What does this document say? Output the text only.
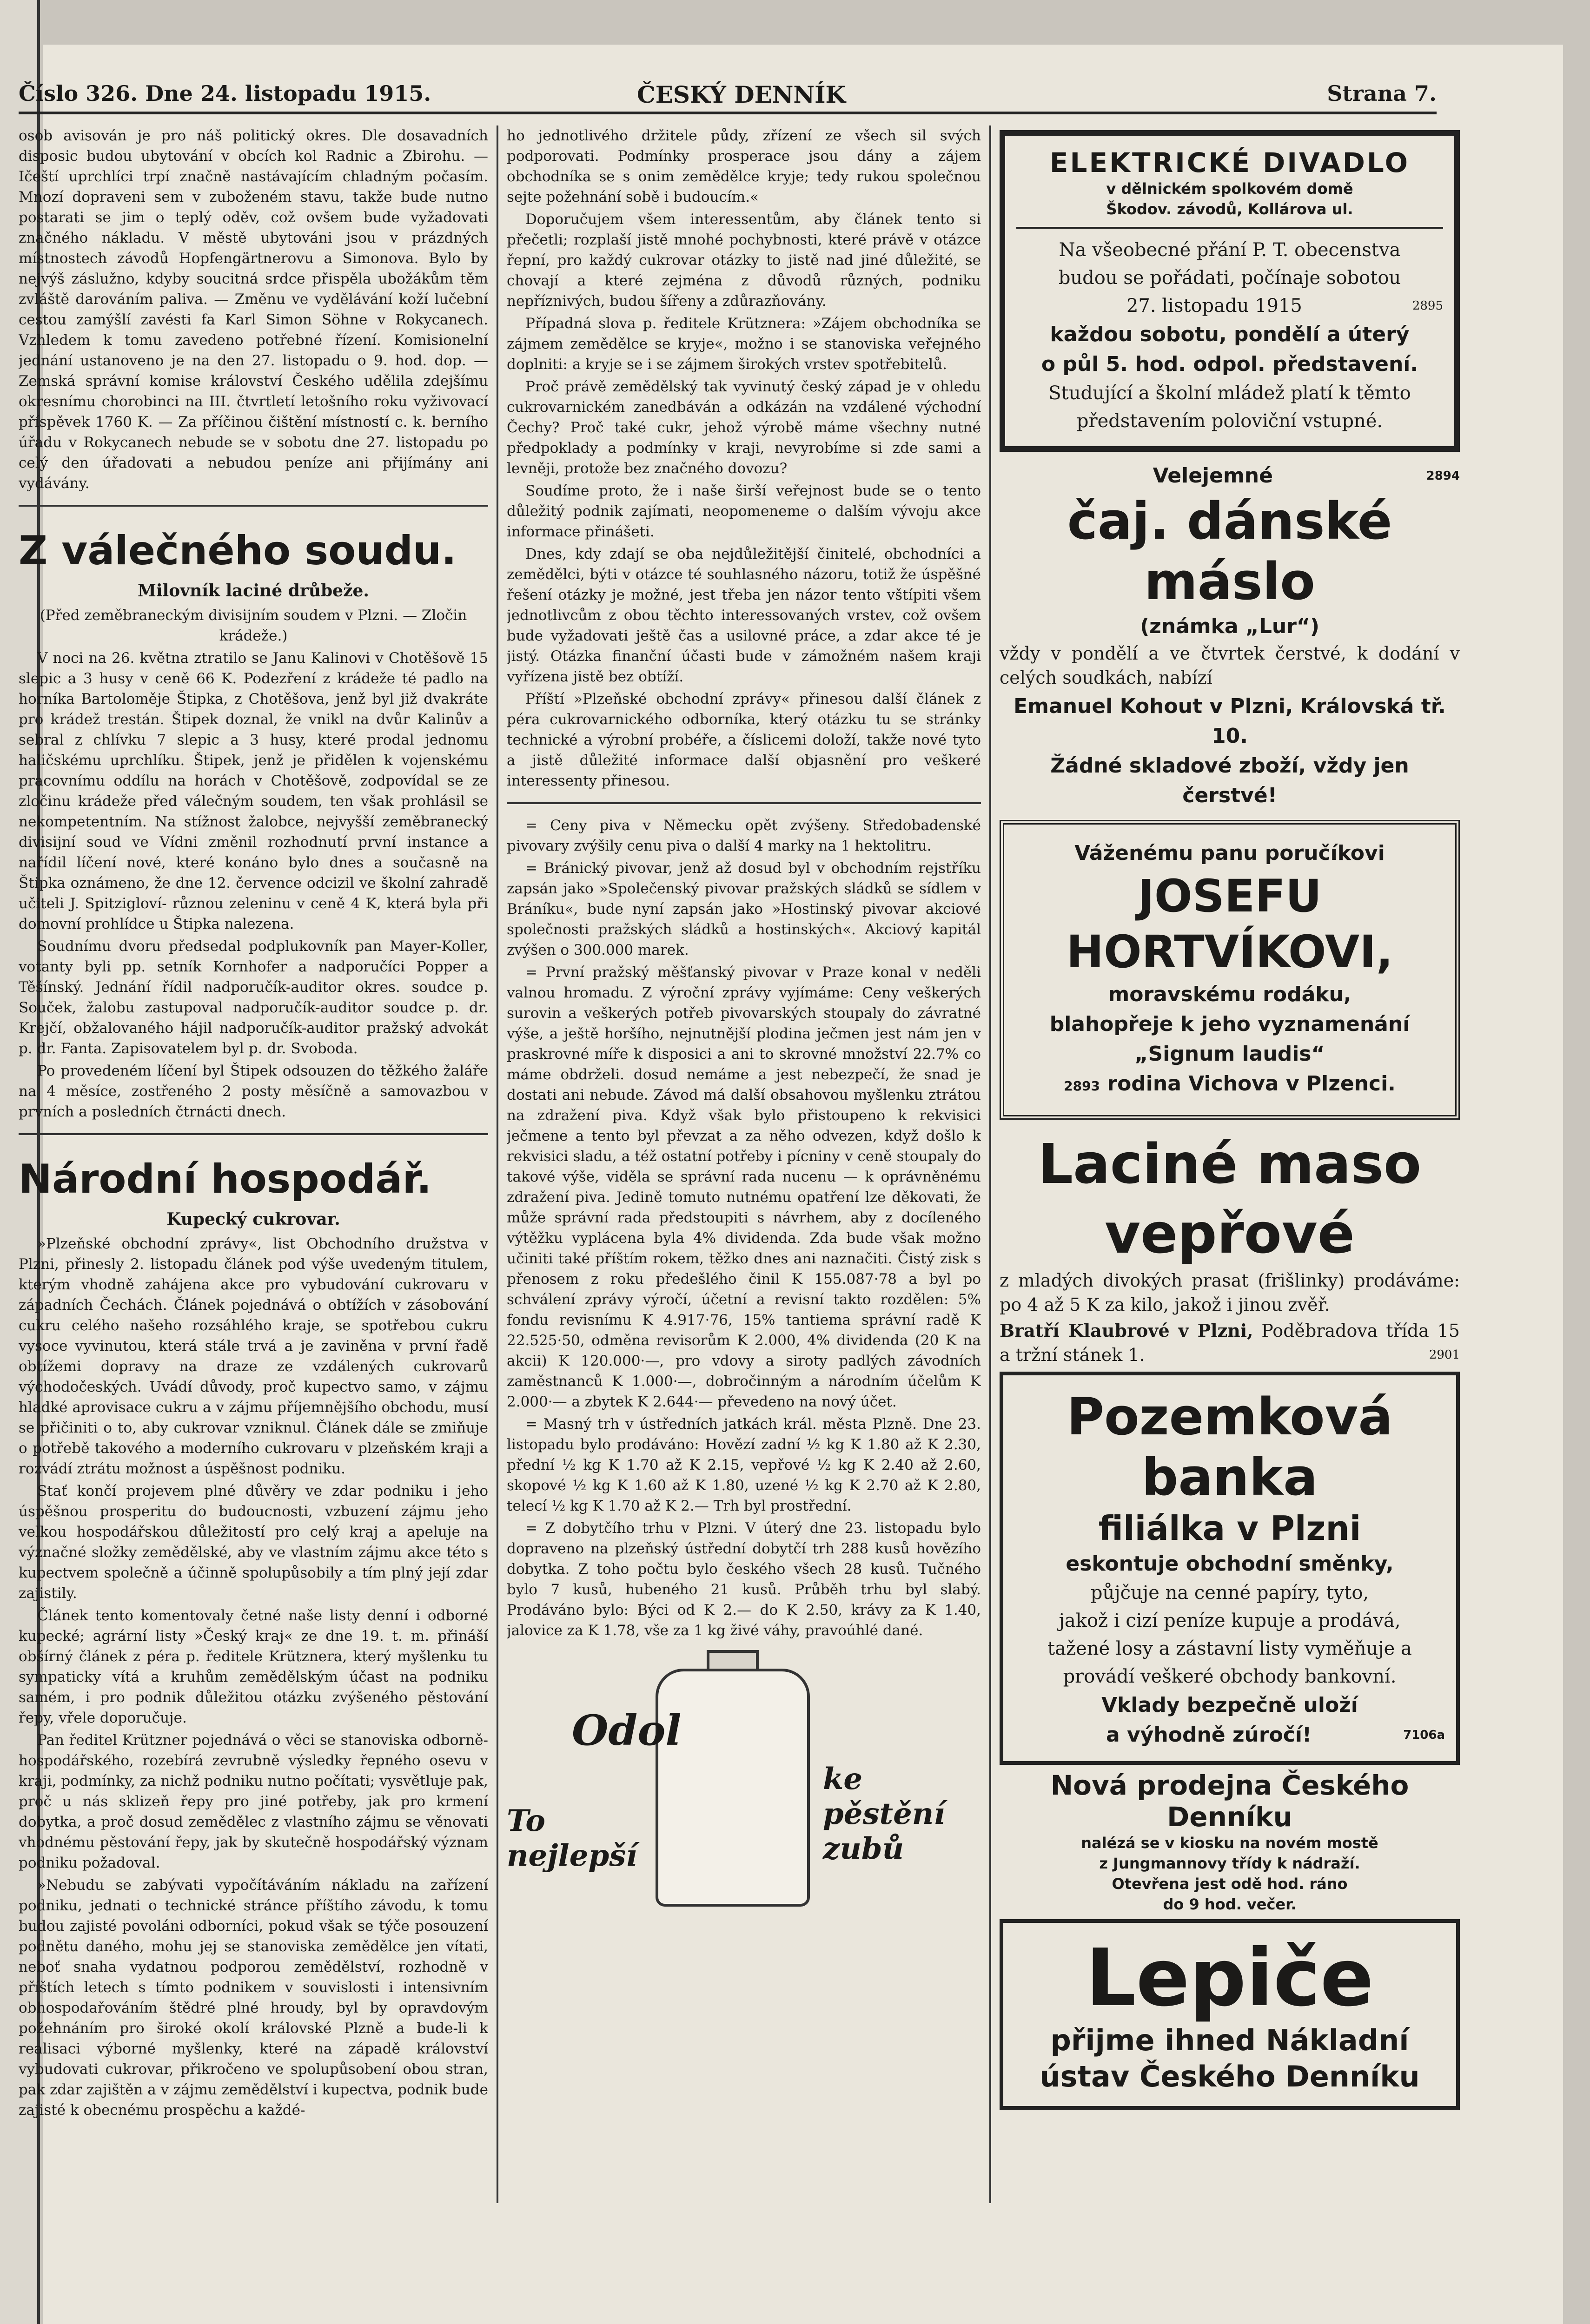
Číslo 326. Dne 24. listopadu 1915.	ČESKÝ DENNÍK	Strana 7.

osob avisován je pro náš politický okres. Dle dosavadních disposic budou ubytování v obcích kol Radnic a Zbirohu. — Ičeští uprchlíci trpí značně nastávajícím chladným počasím. Mnozí dopraveni sem v zuboženém stavu, takže bude nutno postarati se jim o teplý oděv, což ovšem bude vyžadovati značného nákladu. V městě ubytováni jsou v prázdných místnostech závodů Hopfengärtnerovu a Simonova. Bylo by nejvýš záslužno, kdyby soucitná srdce přispěla ubožákům těm zvláště darováním paliva. — Změnu ve vydělávání koží lučební cestou zamýšlí zavésti fa Karl Simon Söhne v Rokycanech. Vzhledem k tomu zavedeno potřebné řízení. Komisionelní jednání ustanoveno je na den 27. listopadu o 9. hod. dop. — Zemská správní komise království Českého udělila zdejšímu okresnímu chorobinci na III. čtvrtletí letošního roku vyživovací příspěvek 1760 K. — Za příčinou čištění místností c. k. berního úřadu v Rokycanech nebude se v sobotu dne 27. listopadu po celý den úřadovati a nebudou peníze ani přijímány ani vydávány.

Z válečného soudu.
Milovník laciné drůbeže.

(Před zeměbraneckým divisijním soudem v Plzni. — Zločin krádeže.)

V noci na 26. května ztratilo se Janu Kalinovi v Chotěšově 15 slepic a 3 husy v ceně 66 K. Podezření z krádeže té padlo na horníka Bartoloměje Štipka, z Chotěšova, jenž byl již dvakráte pro krádež trestán. Štipek doznal, že vnikl na dvůr Kalinův a sebral z chlívku 7 slepic a 3 husy, které prodal jednomu haličskému uprchlíku. Štipek, jenž je přidělen k vojenskému pracovnímu oddílu na horách v Chotěšově, zodpovídal se ze zločinu krádeže před válečným soudem, ten však prohlásil se nekompetentním. Na stížnost žalobce, nejvyšší zeměbranecký divisijní soud ve Vídni změnil rozhodnutí první instance a nařídil líčení nové, které konáno bylo dnes a současně na Štipka oznámeno, že dne 12. července odcizil ve školní zahradě učiteli J. Spitzigloví- různou zeleninu v ceně 4 K, která byla při domovní prohlídce u Štipka nalezena.

Soudnímu dvoru předsedal podplukovník pan Mayer-Koller, votanty byli pp. setník Kornhofer a nadporučíci Popper a Těšínský. Jednání řídil nadporučík-auditor okres. soudce p. Souček, žalobu zastupoval nadporučík-auditor soudce p. dr. Krejčí, obžalovaného hájil nadporučík-auditor pražský advokát p. dr. Fanta. Zapisovatelem byl p. dr. Svoboda.

Po provedeném líčení byl Štipek odsouzen do těžkého žaláře na 4 měsíce, zostřeného 2 posty měsíčně a samovazbou v prvních a posledních čtrnácti dnech.

Národní hospodář.
Kupecký cukrovar.

»Plzeňské obchodní zprávy«, list Obchodního družstva v Plzni, přinesly 2. listopadu článek pod výše uvedeným titulem, kterým vhodně zahájena akce pro vybudování cukrovaru v západních Čechách. Článek pojednává o obtížích v zásobování cukru celého našeho rozsáhlého kraje, se spotřebou cukru vysoce vyvinutou, která stále trvá a je zaviněna v první řadě obtížemi dopravy na draze ze vzdálených cukrovarů východočeských. Uvádí důvody, proč kupectvo samo, v zájmu hladké aprovisace cukru a v zájmu příjemnějšího obchodu, musí se přičiniti o to, aby cukrovar vzniknul. Článek dále se zmiňuje o potřebě takového a moderního cukrovaru v plzeňském kraji a rozvádí ztrátu možnost a úspěšnost podniku.

Stať končí projevem plné důvěry ve zdar podniku i jeho úspěšnou prosperitu do budoucnosti, vzbuzení zájmu jeho velkou hospodářskou důležitostí pro celý kraj a apeluje na význačné složky zemědělské, aby ve vlastním zájmu akce této s kupectvem společně a účinně spolupůsobily a tím plný její zdar zajistily.

Článek tento komentovaly četné naše listy denní i odborné kupecké; agrární listy »Český kraj« ze dne 19. t. m. přináší obšírný článek z péra p. ředitele Krütznera, který myšlenku tu sympaticky vítá a kruhům zemědělským účast na podniku samém, i pro podnik důležitou otázku zvýšeného pěstování řepy, vřele doporučuje.

Pan ředitel Krützner pojednává o věci se stanoviska odborně-hospodářského, rozebírá zevrubně výsledky řepného osevu v kraji, podmínky, za nichž podniku nutno počítati; vysvětluje pak, proč u nás sklizeň řepy pro jiné potřeby, jak pro krmení dobytka, a proč dosud zemědělec z vlastního zájmu se věnovati vhodnému pěstování řepy, jak by skutečně hospodářský význam podniku požadoval.

»Nebudu se zabývati vypočítáváním nákladu na zařízení podniku, jednati o technické stránce příštího závodu, k tomu budou zajisté povoláni odborníci, pokud však se týče posouzení podnětu daného, mohu jej se stanoviska zemědělce jen vítati, neboť snaha vydatnou podporou zemědělství, rozhodně v příštích letech s tímto podnikem v souvislosti i intensivním obhospodařováním štědré plné hroudy, byl by opravdovým požehnáním pro široké okolí královské Plzně a bude-li k realisaci výborné myšlenky, které na západě království vybudovati cukrovar, přikročeno ve spolupůsobení obou stran, pak zdar zajištěn a v zájmu zemědělství i kupectva, podnik bude zajisté k obecnému prospěchu a každé-

ho jednotlivého držitele půdy, zřízení ze všech sil svých podporovati. Podmínky prosperace jsou dány a zájem obchodníka se s onim zemědělce kryje; tedy rukou společnou sejte požehnání sobě i budoucím.«

Doporučujem všem interessentům, aby článek tento si přečetli; rozplaší jistě mnohé pochybnosti, které právě v otázce řepní, pro každý cukrovar otázky to jistě nad jiné důležité, se chovají a které zejména z důvodů různých, podniku nepříznivých, budou šířeny a zdůrazňovány.

Případná slova p. ředitele Krütznera: »Zájem obchodníka se zájmem zemědělce se kryje«, možno i se stanoviska veřejného doplniti: a kryje se i se zájmem širokých vrstev spotřebitelů.

Proč právě zemědělský tak vyvinutý český západ je v ohledu cukrovarnickém zanedbáván a odkázán na vzdálené východní Čechy? Proč také cukr, jehož výrobě máme všechny nutné předpoklady a podmínky v kraji, nevyrobíme si zde sami a levněji, protože bez značného dovozu?

Soudíme proto, že i naše širší veřejnost bude se o tento důležitý podnik zajímati, neopomeneme o dalším vývoju akce informace přinášeti.

Dnes, kdy zdají se oba nejdůležitější činitelé, obchodníci a zemědělci, býti v otázce té souhlasného názoru, totiž že úspěšné řešení otázky je možné, jest třeba jen názor tento vštípiti všem jednotlivcům z obou těchto interessovaných vrstev, což ovšem bude vyžadovati ještě čas a usilovné práce, a zdar akce té je jistý. Otázka finanční účasti bude v zámožném našem kraji vyřízena jistě bez obtíží.

Příští »Plzeňské obchodní zprávy« přinesou další článek z péra cukrovarnického odborníka, který otázku tu se stránky technické a výrobní probéře, a číslicemi doloží, takže nové tyto a jistě důležité informace další objasnění pro veškeré interessenty přinesou.

= Ceny piva v Německu opět zvýšeny. Středobadenské pivovary zvýšily cenu piva o další 4 marky na 1 hektolitru.

= Bránický pivovar, jenž až dosud byl v obchodním rejstříku zapsán jako »Společenský pivovar pražských sládků se sídlem v Bráníku«, bude nyní zapsán jako »Hostinský pivovar akciové společnosti pražských sládků a hostinských«. Akciový kapitál zvýšen o 300.000 marek.

= První pražský měšťanský pivovar v Praze konal v neděli valnou hromadu. Z výroční zprávy vyjímáme: Ceny veškerých surovin a veškerých potřeb pivovarských stoupaly do závratné výše, a ještě horšího, nejnutnější plodina ječmen jest nám jen v praskrovné míře k disposici a ani to skrovné množství 22.7% co máme obdrželi. dosud nemáme a jest nebezpečí, že snad je dostati ani nebude. Závod má další obsahovou myšlenku ztrátou na zdražení piva. Když však bylo přistoupeno k rekvisici ječmene a tento byl převzat a za něho odvezen, když došlo k rekvisici sladu, a též ostatní potřeby i pícniny v ceně stoupaly do takové výše, viděla se správní rada nucenu — k oprávněnému zdražení piva. Jedině tomuto nutnému opatření lze děkovati, že může správní rada předstoupiti s návrhem, aby z docíleného výtěžku vyplácena byla 4% dividenda. Zda bude však možno učiniti také příštím rokem, těžko dnes ani naznačiti. Čistý zisk s přenosem z roku předešlého činil K 155.087·78 a byl po schválení zprávy výročí, účetní a revisní takto rozdělen: 5% fondu revisnímu K 4.917·76, 15% tantiema správní radě K 22.525·50, odměna revisorům K 2.000, 4% dividenda (20 K na akcii) K 120.000·—, pro vdovy a siroty padlých závodních zaměstnanců K 1.000·—, dobročinným a národním účelům K 2.000·— a zbytek K 2.644·— převedeno na nový účet.

= Masný trh v ústředních jatkách král. města Plzně. Dne 23. listopadu bylo prodáváno: Hovězí zadní ½ kg K 1.80 až K 2.30, přední ½ kg K 1.70 až K 2.15, vepřové ½ kg K 2.40 až 2.60, skopové ½ kg K 1.60 až K 1.80, uzené ½ kg K 2.70 až K 2.80, telecí ½ kg K 1.70 až K 2.— Trh byl prostřední.

= Z dobytčího trhu v Plzni. V úterý dne 23. listopadu bylo dopraveno na plzeňský ústřední dobytčí trh 288 kusů hovězího dobytka. Z toho počtu bylo českého všech 28 kusů. Tučného bylo 7 kusů, hubeného 21 kusů. Průběh trhu byl slabý. Prodáváno bylo: Býci od K 2.— do K 2.50, krávy za K 1.40, jalovice za K 1.78, vše za 1 kg živé váhy, pravoúhlé dané.

Odol
To nejlepší
ke pěstění zubů
ELEKTRICKÉ DIVADLO
v dělnickém spolkovém domě
Škodov. závodů, Kollárova ul.
Na všeobecné přání P. T. obecenstva
budou se pořádati, počínaje sobotou
27. listopadu 1915	2895
každou sobotu, pondělí a úterý
o půl 5. hod. odpol. představení.
Studující a školní mládež platí k těmto
představením poloviční vstupné.
Velejemné	2894
čaj. dánské máslo
(známka „Lur“)

vždy v pondělí a ve čtvrtek čerstvé, k dodání v celých soudkách, nabízí

Emanuel Kohout v Plzni, Královská tř. 10.
Žádné skladové zboží, vždy jen čerstvé!
Váženému panu poručíkovi
JOSEFU HORTVÍKOVI,
moravskému rodáku,
blahopřeje k jeho vyznamenání
„Signum laudis“
2893 rodina Vichova v Plzenci.
Laciné maso vepřové

z mladých divokých prasat (frišlinky) prodáváme: po 4 až 5 K za kilo, jakož i jinou zvěř.

Bratří Klaubrové v Plzni, Poděbradova třída 15 a tržní stánek 1.	2901

Pozemková banka
filiálka v Plzni
eskontuje obchodní směnky,
půjčuje na cenné papíry, tyto,
jakož i cizí peníze kupuje a prodává,
tažené losy a zástavní listy vyměňuje a provádí veškeré obchody bankovní.
Vklady bezpečně uloží
a výhodně zúročí!	7106a
Nová prodejna Českého Denníku
nalézá se v kiosku na novém mostě
z Jungmannovy třídy k nádraží.
Otevřena jest odě hod. ráno
do 9 hod. večer.
Lepiče
přijme ihned Nákladní
ústav Českého Denníku
